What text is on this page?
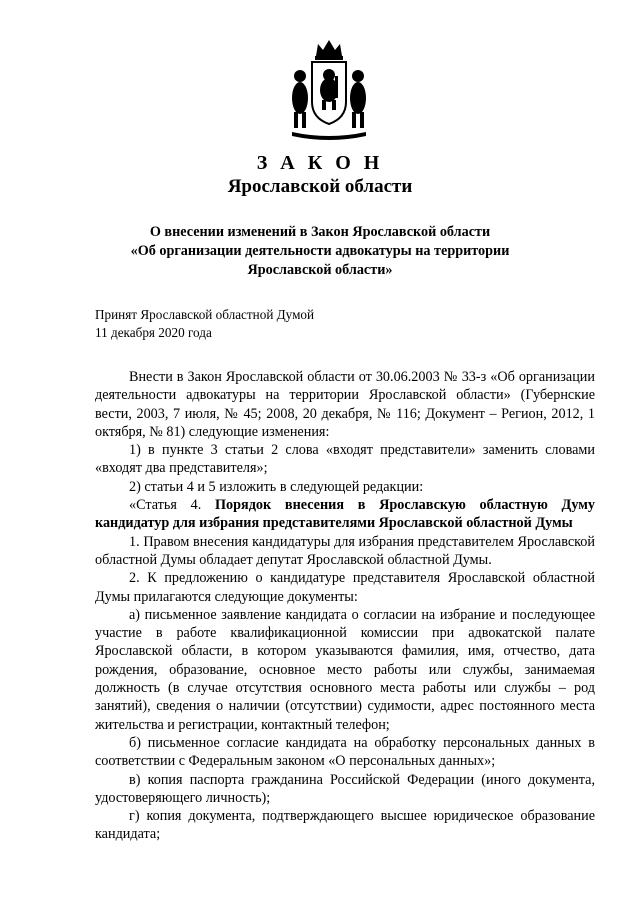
З А К О Н
Ярославской области
О внесении изменений в Закон Ярославской области
«Об организации деятельности адвокатуры на территории
Ярославской области»
Принят Ярославской областной Думой
11 декабря 2020 года

Внести в Закон Ярославской области от 30.06.2003 № 33-з «Об организации деятельности адвокатуры на территории Ярославской области» (Губернские вести, 2003, 7 июля, № 45; 2008, 20 декабря, № 116; Документ – Регион, 2012, 1 октября, № 81) следующие изменения:

1) в пункте 3 статьи 2 слова «входят представители» заменить словами «входят два представителя»;

2) статьи 4 и 5 изложить в следующей редакции:

«Статья 4. Порядок внесения в Ярославскую областную Думу кандидатур для избрания представителями Ярославской областной Думы

1. Правом внесения кандидатуры для избрания представителем Ярославской областной Думы обладает депутат Ярославской областной Думы.

2. К предложению о кандидатуре представителя Ярославской областной Думы прилагаются следующие документы:

а) письменное заявление кандидата о согласии на избрание и последующее участие в работе квалификационной комиссии при адвокатской палате Ярославской области, в котором указываются фамилия, имя, отчество, дата рождения, образование, основное место работы или службы, занимаемая должность (в случае отсутствия основного места работы или службы – род занятий), сведения о наличии (отсутствии) судимости, адрес постоянного места жительства и регистрации, контактный телефон;

б) письменное согласие кандидата на обработку персональных данных в соответствии с Федеральным законом «О персональных данных»;

в) копия паспорта гражданина Российской Федерации (иного документа, удостоверяющего личность);

г) копия документа, подтверждающего высшее юридическое образование кандидата;
